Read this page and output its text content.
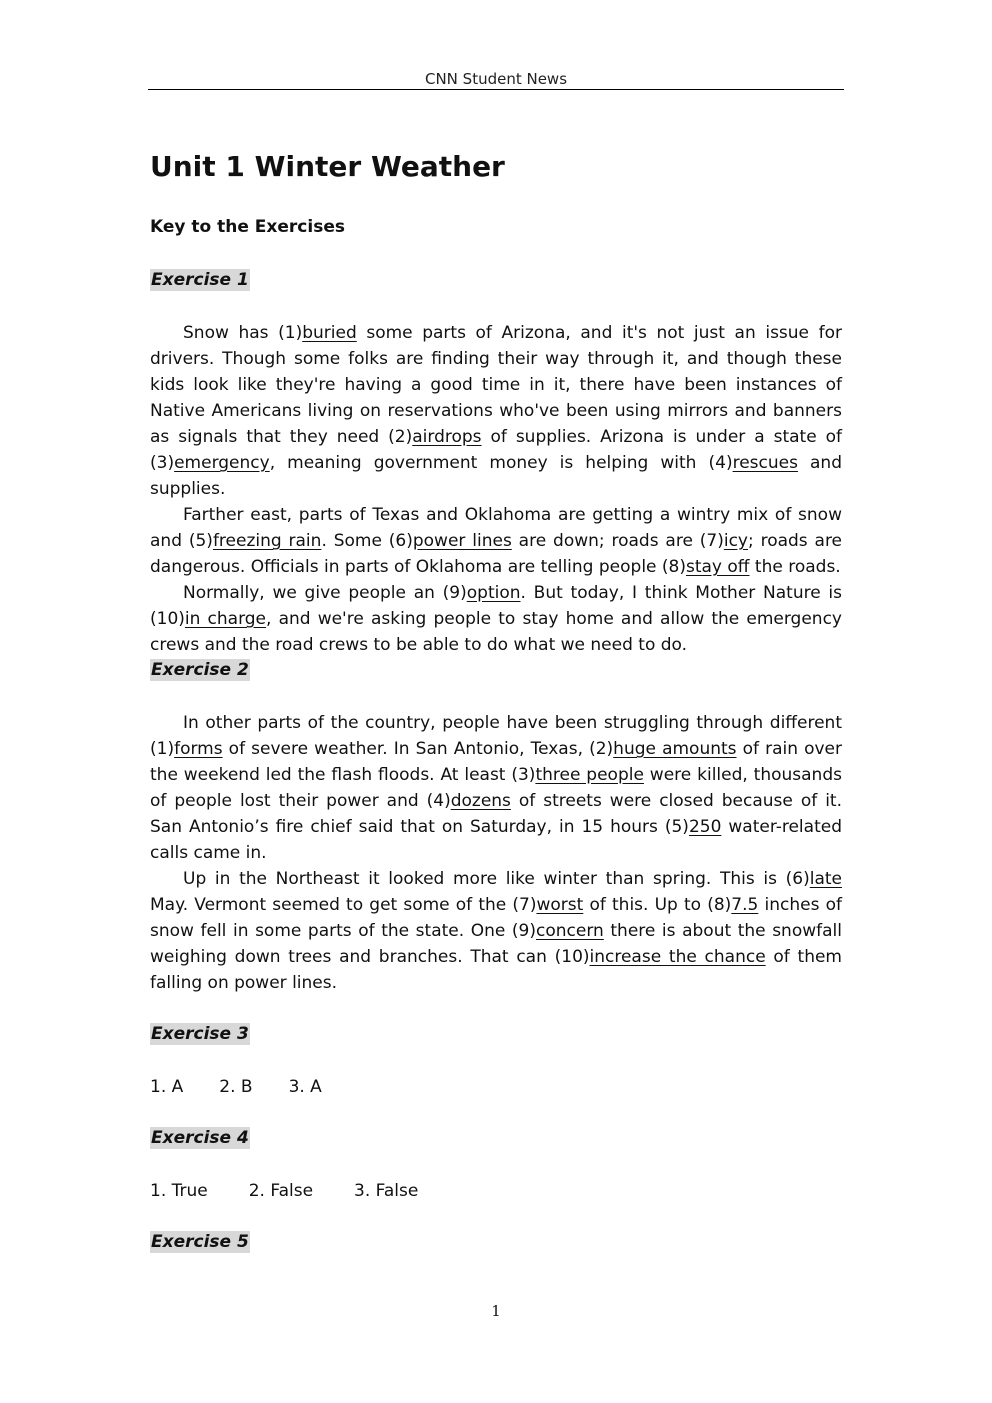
CNN Student News
Unit 1 Winter Weather
Key to the Exercises
Exercise 1

Snow has (1)buried some parts of Arizona, and it's not just an issue for drivers. Though some folks are finding their way through it, and though these kids look like they're having a good time in it, there have been instances of Native Americans living on reservations who've been using mirrors and banners as signals that they need (2)airdrops of supplies. Arizona is under a state of (3)emergency, meaning government money is helping with (4)rescues and supplies.

Farther east, parts of Texas and Oklahoma are getting a wintry mix of snow and (5)freezing rain. Some (6)power lines are down; roads are (7)icy; roads are dangerous. Officials in parts of Oklahoma are telling people (8)stay off the roads.

Normally, we give people an (9)option. But today, I think Mother Nature is (10)in charge, and we're asking people to stay home and allow the emergency crews and the road crews to be able to do what we need to do.

Exercise 2

In other parts of the country, people have been struggling through different (1)forms of severe weather. In San Antonio, Texas, (2)huge amounts of rain over the weekend led the flash floods. At least (3)three people were killed, thousands of people lost their power and (4)dozens of streets were closed because of it. San Antonio’s fire chief said that on Saturday, in 15 hours (5)250 water-related calls came in.

Up in the Northeast it looked more like winter than spring. This is (6)late May. Vermont seemed to get some of the (7)worst of this. Up to (8)7.5 inches of snow fell in some parts of the state. One (9)concern there is about the snowfall weighing down trees and branches. That can (10)increase the chance of them falling on power lines.

Exercise 3
1. A 2. B 3. A
Exercise 4
1. True 2. False 3. False
Exercise 5
1
